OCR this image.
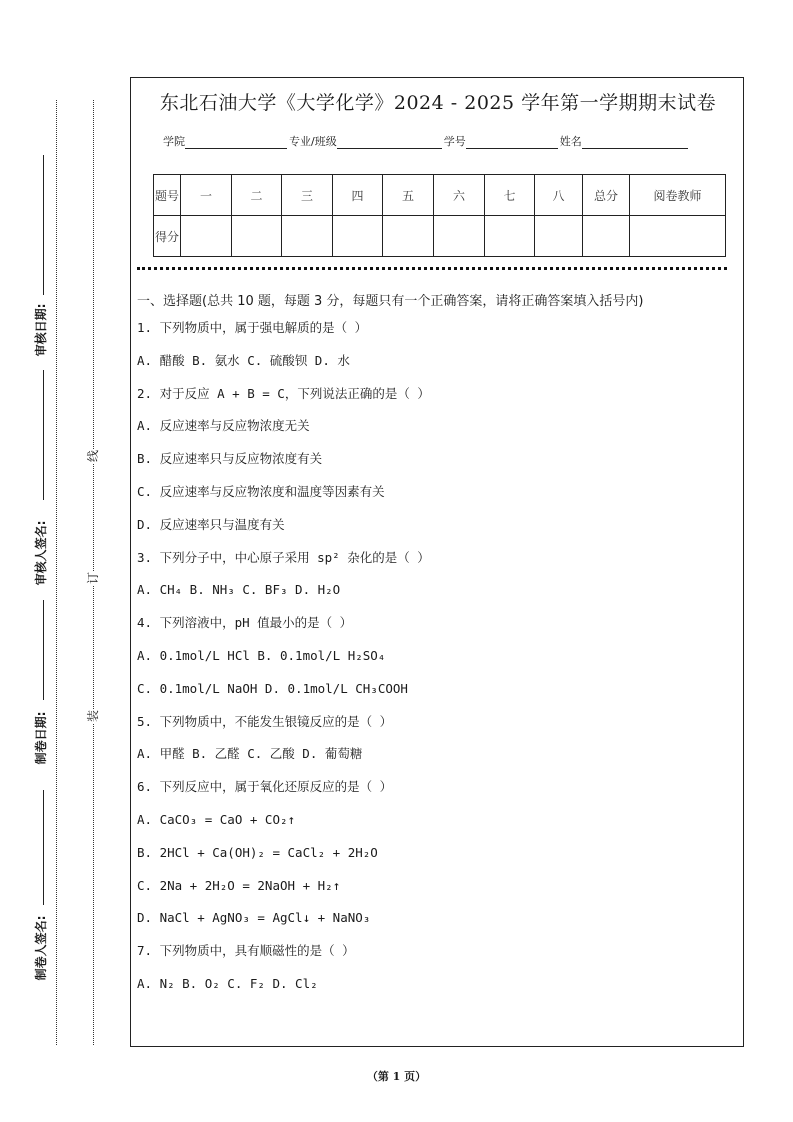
审核日期:
审核人签名:
制卷日期:
制卷人签名:
线
订
装
东北石油大学《大学化学》2024 - 2025 学年第一学期期末试卷
学院	专业/班级	学号	姓名
题号	一	二	三	四	五	六	七	八	总分	阅卷教师
得分										
一、选择题(总共 10 题，每题 3 分，每题只有一个正确答案，请将正确答案填入括号内)
1. 下列物质中，属于强电解质的是（ ）
A. 醋酸 B. 氨水 C. 硫酸钡 D. 水
2. 对于反应 A + B = C，下列说法正确的是（ ）
A. 反应速率与反应物浓度无关
B. 反应速率只与反应物浓度有关
C. 反应速率与反应物浓度和温度等因素有关
D. 反应速率只与温度有关
3. 下列分子中，中心原子采用 sp² 杂化的是（ ）
A. CH₄ B. NH₃ C. BF₃ D. H₂O
4. 下列溶液中，pH 值最小的是（ ）
A. 0.1mol/L HCl B. 0.1mol/L H₂SO₄
C. 0.1mol/L NaOH D. 0.1mol/L CH₃COOH
5. 下列物质中，不能发生银镜反应的是（ ）
A. 甲醛 B. 乙醛 C. 乙酸 D. 葡萄糖
6. 下列反应中，属于氧化还原反应的是（ ）
A. CaCO₃ = CaO + CO₂↑
B. 2HCl + Ca(OH)₂ = CaCl₂ + 2H₂O
C. 2Na + 2H₂O = 2NaOH + H₂↑
D. NaCl + AgNO₃ = AgCl↓ + NaNO₃
7. 下列物质中，具有顺磁性的是（ ）
A. N₂ B. O₂ C. F₂ D. Cl₂
（第 1 页）
